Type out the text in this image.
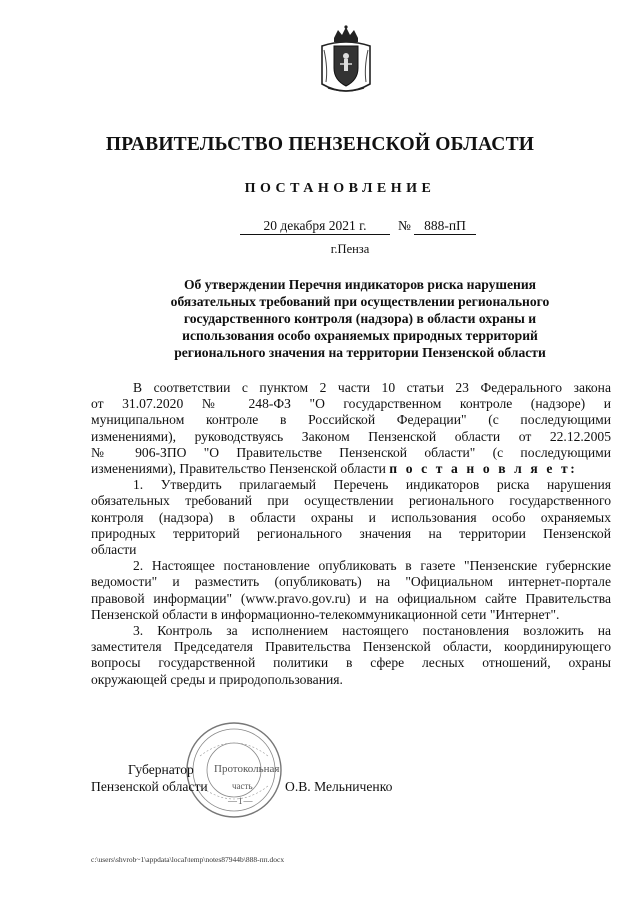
ПРАВИТЕЛЬСТВО ПЕНЗЕНСКОЙ ОБЛАСТИ
ПОСТАНОВЛЕНИЕ
20 декабря 2021 г.	№ 888-пП
г.Пенза
Об утверждении Перечня индикаторов риска нарушения
обязательных требований при осуществлении регионального
государственного контроля (надзора) в области охраны и
использования особо охраняемых природных территорий
регионального значения на территории Пензенской области
В соответствии с пунктом 2 части 10 статьи 23 Федерального закона
от 31.07.2020 № 248-ФЗ "О государственном контроле (надзоре) и
муниципальном контроле в Российской Федерации" (с последующими
изменениями), руководствуясь Законом Пензенской области от 22.12.2005
№ 906-ЗПО "О Правительстве Пензенской области" (с последующими
изменениями), Правительство Пензенской области п о с т а н о в л я е т:
1. Утвердить прилагаемый Перечень индикаторов риска нарушения
обязательных требований при осуществлении регионального государственного
контроля (надзора) в области охраны и использования особо охраняемых
природных территорий регионального значения на территории Пензенской
области
2. Настоящее постановление опубликовать в газете "Пензенские губернские
ведомости" и разместить (опубликовать) на "Официальном интернет-портале
правовой информации" (www.pravo.gov.ru) и на официальном сайте Правительства
Пензенской области в информационно-телекоммуникационной сети "Интернет".
3. Контроль за исполнением настоящего постановления возложить на
заместителя Председателя Правительства Пензенской области, координирующего
вопросы государственной политики в сфере лесных отношений, охраны
окружающей среды и природопользования.
Протокольная
часть
—1—
Губернатор
Пензенской области	О.В. Мельниченко
c:\users\shvrob~1\appdata\local\temp\notes87944b\888-пп.docx
